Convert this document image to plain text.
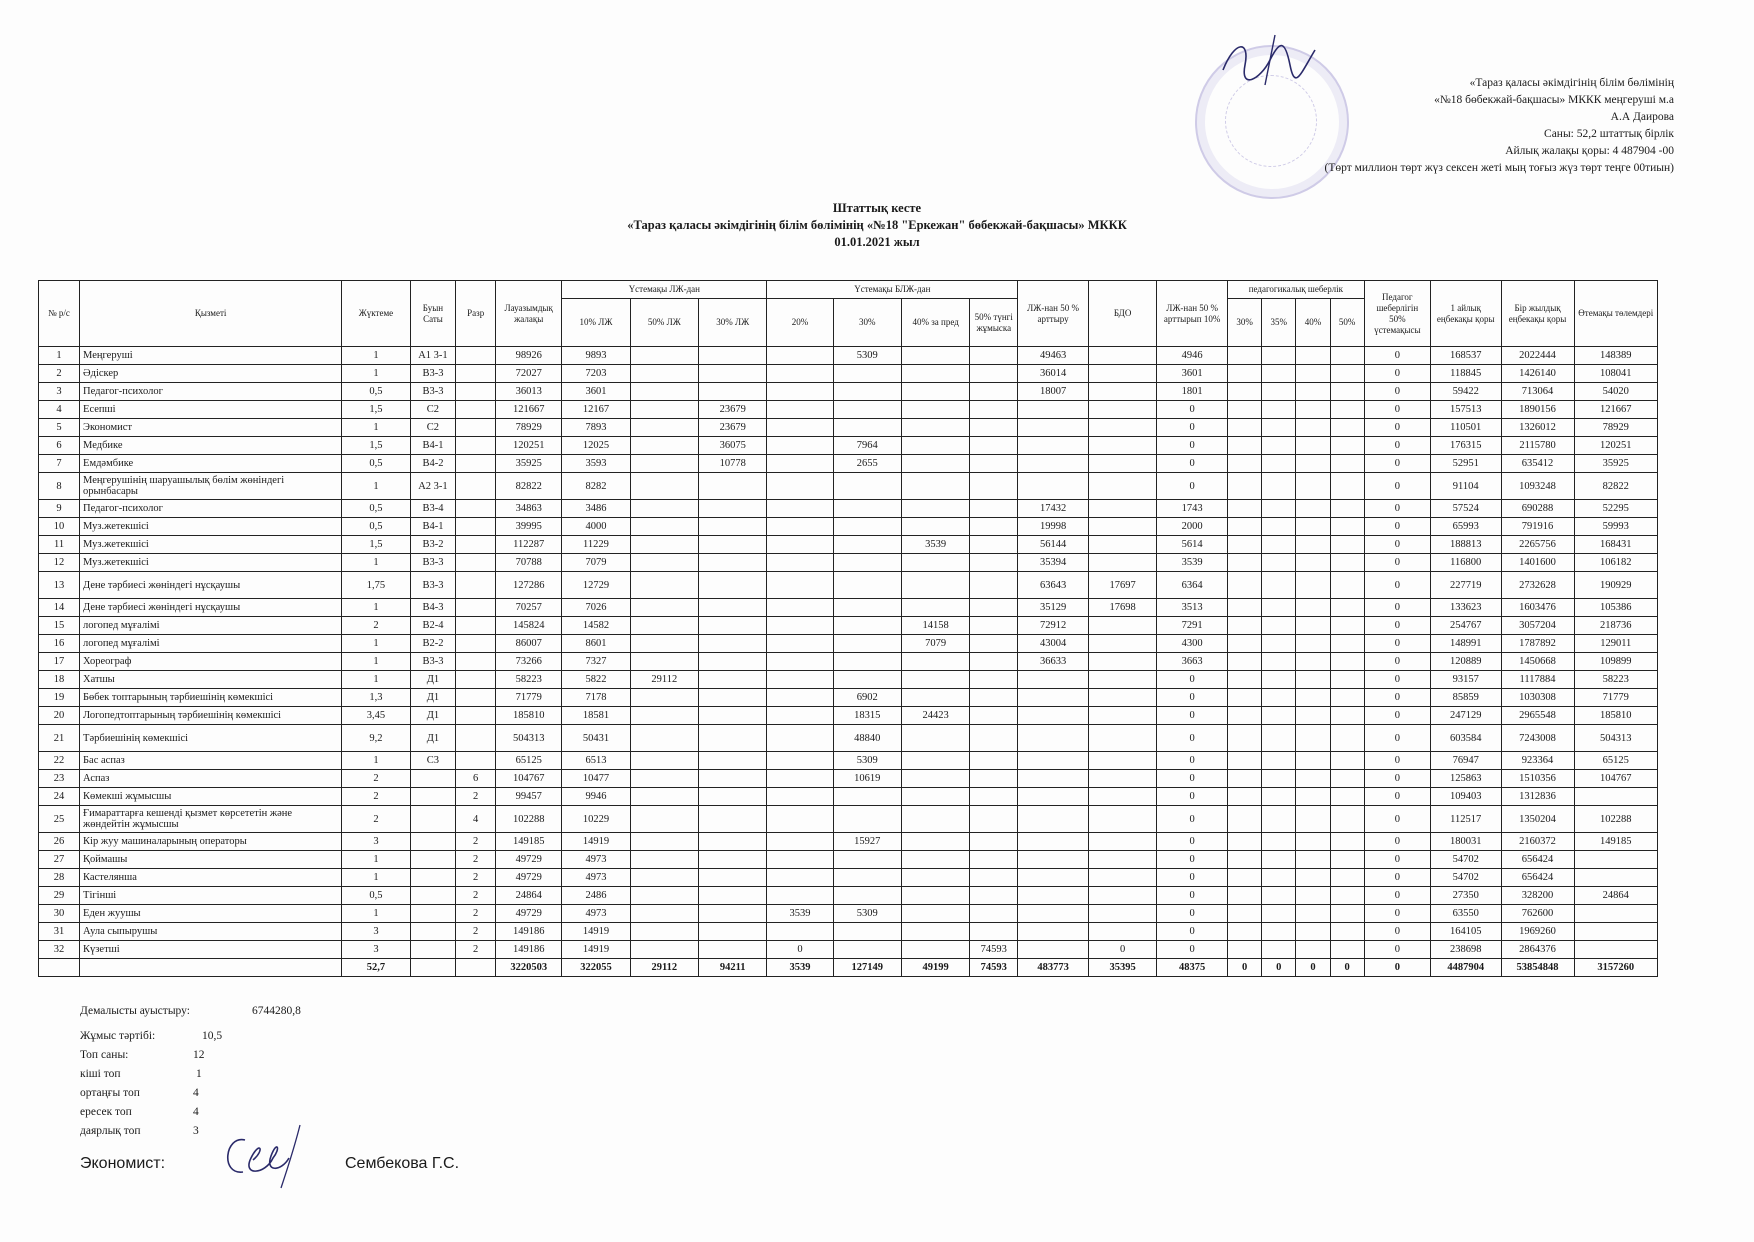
«Тараз қаласы әкімдігінің білім бөлімінің
«№18 бөбекжай-бақшасы» МККК меңгеруші м.а
А.А Даирова
Саны: 52,2 штаттық бірлік
Айлық жалақы қоры: 4 487904 -00
(Төрт миллион төрт жүз сексен жеті мың тоғыз жүз төрт теңге 00тиын)
Штаттық кесте
«Тараз қаласы әкімдігінің білім бөлімінің «№18 "Еркежан" бөбекжай-бақшасы» МККК
01.01.2021 жыл
№ р/с	Қызметі	Жүктеме	Буын Саты	Разр	Лауазымдық жалақы	Үстемақы ЛЖ-дан			Үстемақы БЛЖ-дан				ЛЖ-нан 50 % арттыру	БДО	ЛЖ-нан 50 % арттырып 10%	педагогикалық шеберлік				Педагог шеберлігін 50% үстемақысы	1 айлық еңбекақы қоры	Бір жылдық еңбекақы қоры	Өтемақы төлемдері
						10% ЛЖ	50% ЛЖ	30% ЛЖ	20%	30%	40% за пред	50% түнгі жұмыска				30%	35%	40%	50%				
1	Меңгеруші	1	А1 3-1		98926	9893				5309			49463		4946					0	168537	2022444	148389
2	Әдіскер	1	В3-3		72027	7203							36014		3601					0	118845	1426140	108041
3	Педагог-психолог	0,5	В3-3		36013	3601							18007		1801					0	59422	713064	54020
4	Есепші	1,5	С2		121667	12167		23679							0					0	157513	1890156	121667
5	Экономист	1	С2		78929	7893		23679							0					0	110501	1326012	78929
6	Медбике	1,5	В4-1		120251	12025		36075		7964					0					0	176315	2115780	120251
7	Емдәмбике	0,5	В4-2		35925	3593		10778		2655					0					0	52951	635412	35925
8	Меңгерушінің шаруашылық бөлім жөніндегі орынбасары	1	А2 3-1		82822	8282									0					0	91104	1093248	82822
9	Педагог-психолог	0,5	В3-4		34863	3486							17432		1743					0	57524	690288	52295
10	Муз.жетекшісі	0,5	В4-1		39995	4000							19998		2000					0	65993	791916	59993
11	Муз.жетекшісі	1,5	В3-2		112287	11229					3539		56144		5614					0	188813	2265756	168431
12	Муз.жетекшісі	1	В3-3		70788	7079							35394		3539					0	116800	1401600	106182
13	Дене тәрбиесі жөніндегі нұсқаушы	1,75	В3-3		127286	12729							63643	17697	6364					0	227719	2732628	190929
14	Дене тәрбиесі жөніндегі нұсқаушы	1	В4-3		70257	7026							35129	17698	3513					0	133623	1603476	105386
15	логопед мұғалімі	2	В2-4		145824	14582					14158		72912		7291					0	254767	3057204	218736
16	логопед мұғалімі	1	В2-2		86007	8601					7079		43004		4300					0	148991	1787892	129011
17	Хореограф	1	В3-3		73266	7327							36633		3663					0	120889	1450668	109899
18	Хатшы	1	Д1		58223	5822	29112								0					0	93157	1117884	58223
19	Бөбек топтарының тәрбиешінің көмекшісі	1,3	Д1		71779	7178				6902					0					0	85859	1030308	71779
20	Логопедтоптарының тәрбиешінің көмекшісі	3,45	Д1		185810	18581				18315	24423				0					0	247129	2965548	185810
21	Тәрбиешінің көмекшісі	9,2	Д1		504313	50431				48840					0					0	603584	7243008	504313
22	Бас аспаз	1	С3		65125	6513				5309					0					0	76947	923364	65125
23	Аспаз	2		6	104767	10477				10619					0					0	125863	1510356	104767
24	Көмекші жұмысшы	2		2	99457	9946									0					0	109403	1312836	
25	Ғимараттарға кешенді қызмет көрсететін және жөндейтін жұмысшы	2		4	102288	10229									0					0	112517	1350204	102288
26	Кір жуу машиналарының операторы	3		2	149185	14919				15927					0					0	180031	2160372	149185
27	Қоймашы	1		2	49729	4973									0					0	54702	656424	
28	Кастелянша	1		2	49729	4973									0					0	54702	656424	
29	Тігінші	0,5		2	24864	2486									0					0	27350	328200	24864
30	Еден жуушы	1		2	49729	4973			3539	5309					0					0	63550	762600	
31	Аула сыпырушы	3		2	149186	14919									0					0	164105	1969260	
32	Күзетші	3		2	149186	14919			0			74593		0	0					0	238698	2864376	
		52,7			3220503	322055	29112	94211	3539	127149	49199	74593	483773	35395	48375	0	0	0	0	0	4487904	53854848	3157260
Демалысты ауыстыру:	6744280,8
Жұмыс тәртібі:	10,5
Топ саны:	12
кіші топ	1
ортаңғы топ	4
ересек топ	4
даярлық топ	3
Экономист:	Сембекова Г.С.
